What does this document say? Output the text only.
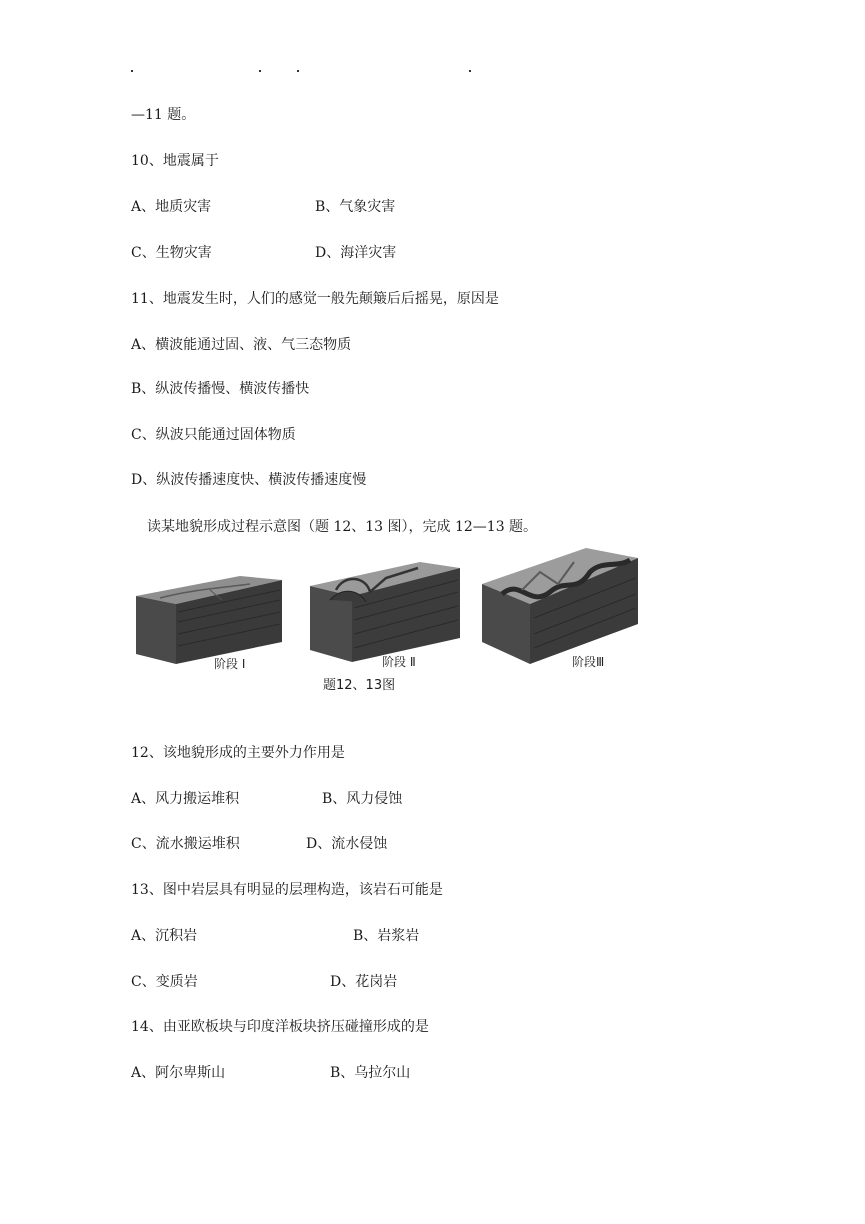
—11 题。
10、地震属于
A、地质灾害	B、气象灾害
C、生物灾害	D、海洋灾害
11、地震发生时，人们的感觉一般先颠簸后后摇晃，原因是
A、横波能通过固、液、气三态物质
B、纵波传播慢、横波传播快
C、纵波只能通过固体物质
D、纵波传播速度快、横波传播速度慢
读某地貌形成过程示意图（题 12、13 图），完成 12—13 题。
阶段 Ⅰ	阶段 Ⅱ	阶段Ⅲ
题12、13图
12、该地貌形成的主要外力作用是
A、风力搬运堆积	B、风力侵蚀
C、流水搬运堆积	D、流水侵蚀
13、图中岩层具有明显的层理构造，该岩石可能是
A、沉积岩	B、岩浆岩
C、变质岩	D、花岗岩
14、由亚欧板块与印度洋板块挤压碰撞形成的是
A、阿尔卑斯山	B、乌拉尔山
